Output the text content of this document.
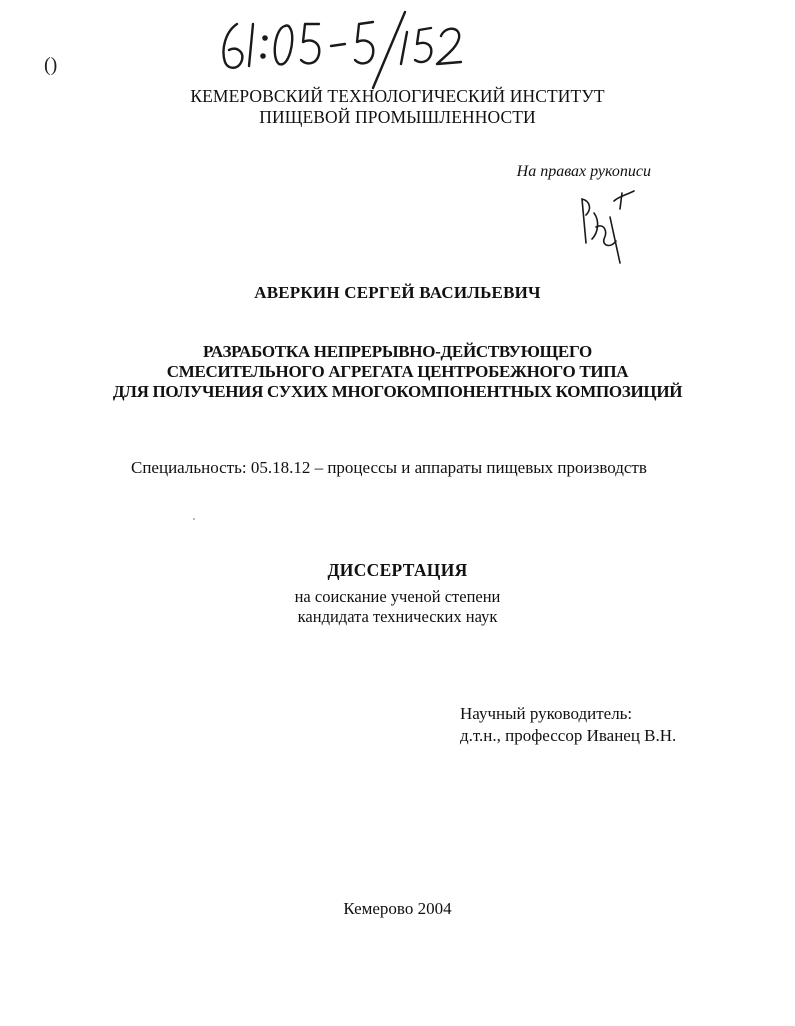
()
КЕМЕРОВСКИЙ ТЕХНОЛОГИЧЕСКИЙ ИНСТИТУТ
ПИЩЕВОЙ ПРОМЫШЛЕННОСТИ
На правах рукописи
АВЕРКИН СЕРГЕЙ ВАСИЛЬЕВИЧ
РАЗРАБОТКА НЕПРЕРЫВНО-ДЕЙСТВУЮЩЕГО
СМЕСИТЕЛЬНОГО АГРЕГАТА ЦЕНТРОБЕЖНОГО ТИПА
ДЛЯ ПОЛУЧЕНИЯ СУХИХ МНОГОКОМПОНЕНТНЫХ КОМПОЗИЦИЙ
Специальность: 05.18.12 – процессы и аппараты пищевых производств
ДИССЕРТАЦИЯ
на соискание ученой степени
кандидата технических наук
Научный руководитель:
д.т.н., профессор Иванец В.Н.
Кемерово 2004
